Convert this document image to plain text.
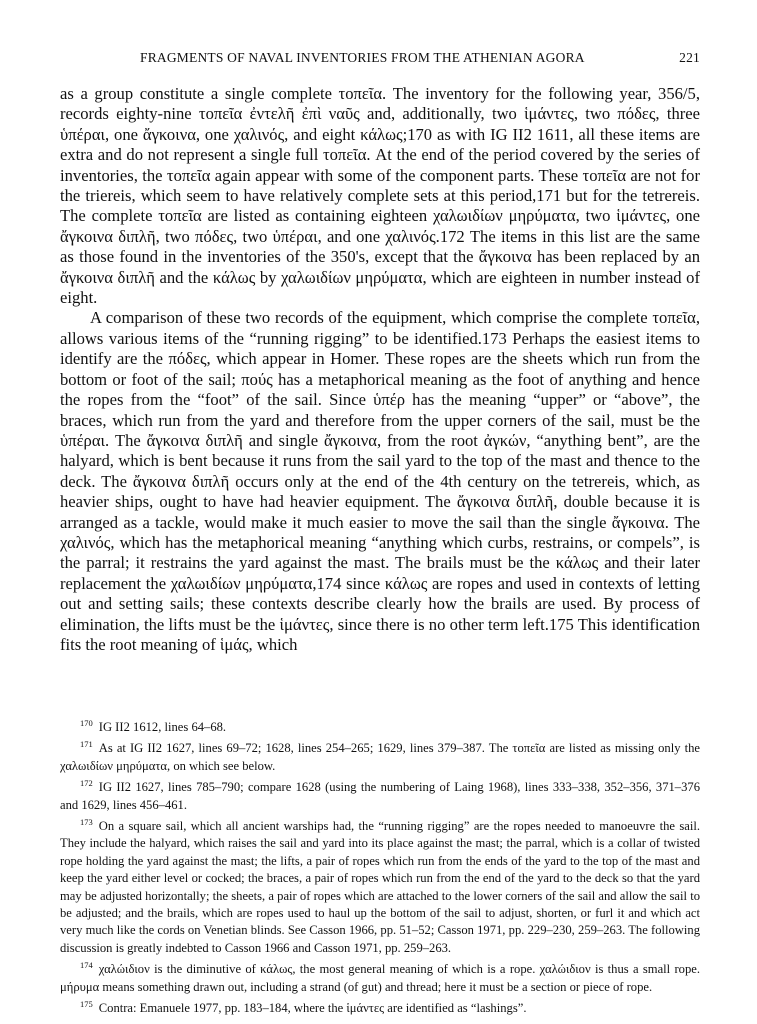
FRAGMENTS OF NAVAL INVENTORIES FROM THE ATHENIAN AGORA	221

as a group constitute a single complete τοπεῖα. The inventory for the following year, 356/5, records eighty-nine τοπεῖα ἐντελῆ ἐπὶ ναῦς and, additionally, two ἱμάντες, two πόδες, three ὑπέραι, one ἄγκοινα, one χαλινός, and eight κάλως;170 as with IG II2 1611, all these items are extra and do not represent a single full τοπεῖα. At the end of the period covered by the series of inventories, the τοπεῖα again appear with some of the component parts. These τοπεῖα are not for the triereis, which seem to have relatively complete sets at this period,171 but for the tetrereis. The complete τοπεῖα are listed as containing eighteen χαλωιδίων μηρύματα, two ἱμάντες, one ἄγκοινα διπλῆ, two πόδες, two ὑπέραι, and one χαλινός.172 The items in this list are the same as those found in the inventories of the 350's, except that the ἄγκοινα has been replaced by an ἄγκοινα διπλῆ and the κάλως by χαλωιδίων μηρύματα, which are eighteen in number instead of eight.

A comparison of these two records of the equipment, which comprise the complete τοπεῖα, allows various items of the “running rigging” to be identified.173 Perhaps the easiest items to identify are the πόδες, which appear in Homer. These ropes are the sheets which run from the bottom or foot of the sail; πούς has a metaphorical meaning as the foot of anything and hence the ropes from the “foot” of the sail. Since ὑπέρ has the meaning “upper” or “above”, the braces, which run from the yard and therefore from the upper corners of the sail, must be the ὑπέραι. The ἄγκοινα διπλῆ and single ἄγκοινα, from the root ἀγκών, “anything bent”, are the halyard, which is bent because it runs from the sail yard to the top of the mast and thence to the deck. The ἄγκοινα διπλῆ occurs only at the end of the 4th century on the tetrereis, which, as heavier ships, ought to have had heavier equipment. The ἄγκοινα διπλῆ, double because it is arranged as a tackle, would make it much easier to move the sail than the single ἄγκοινα. The χαλινός, which has the metaphorical meaning “anything which curbs, restrains, or compels”, is the parral; it restrains the yard against the mast. The brails must be the κάλως and their later replacement the χαλωιδίων μηρύματα,174 since κάλως are ropes and used in contexts of letting out and setting sails; these contexts describe clearly how the brails are used. By process of elimination, the lifts must be the ἱμάντες, since there is no other term left.175 This identification fits the root meaning of ἱμάς, which

$^{170}$ IG II2 1612, lines 64–68.

$^{171}$ As at IG II2 1627, lines 69–72; 1628, lines 254–265; 1629, lines 379–387. The τοπεῖα are listed as missing only the χαλωιδίων μηρύματα, on which see below.

$^{172}$ IG II2 1627, lines 785–790; compare 1628 (using the numbering of Laing 1968), lines 333–338, 352–356, 371–376 and 1629, lines 456–461.

$^{173}$ On a square sail, which all ancient warships had, the “running rigging” are the ropes needed to manoeuvre the sail. They include the halyard, which raises the sail and yard into its place against the mast; the parral, which is a collar of twisted rope holding the yard against the mast; the lifts, a pair of ropes which run from the ends of the yard to the top of the mast and keep the yard either level or cocked; the braces, a pair of ropes which run from the end of the yard to the deck so that the yard may be adjusted horizontally; the sheets, a pair of ropes which are attached to the lower corners of the sail and allow the sail to be adjusted; and the brails, which are ropes used to haul up the bottom of the sail to adjust, shorten, or furl it and which act very much like the cords on Venetian blinds. See Casson 1966, pp. 51–52; Casson 1971, pp. 229–230, 259–263. The following discussion is greatly indebted to Casson 1966 and Casson 1971, pp. 259–263.

$^{174}$ χαλώιδιον is the diminutive of κάλως, the most general meaning of which is a rope. χαλώιδιον is thus a small rope. μήρυμα means something drawn out, including a strand (of gut) and thread; here it must be a section or piece of rope.

$^{175}$ Contra: Emanuele 1977, pp. 183–184, where the ἱμάντες are identified as “lashings”.
